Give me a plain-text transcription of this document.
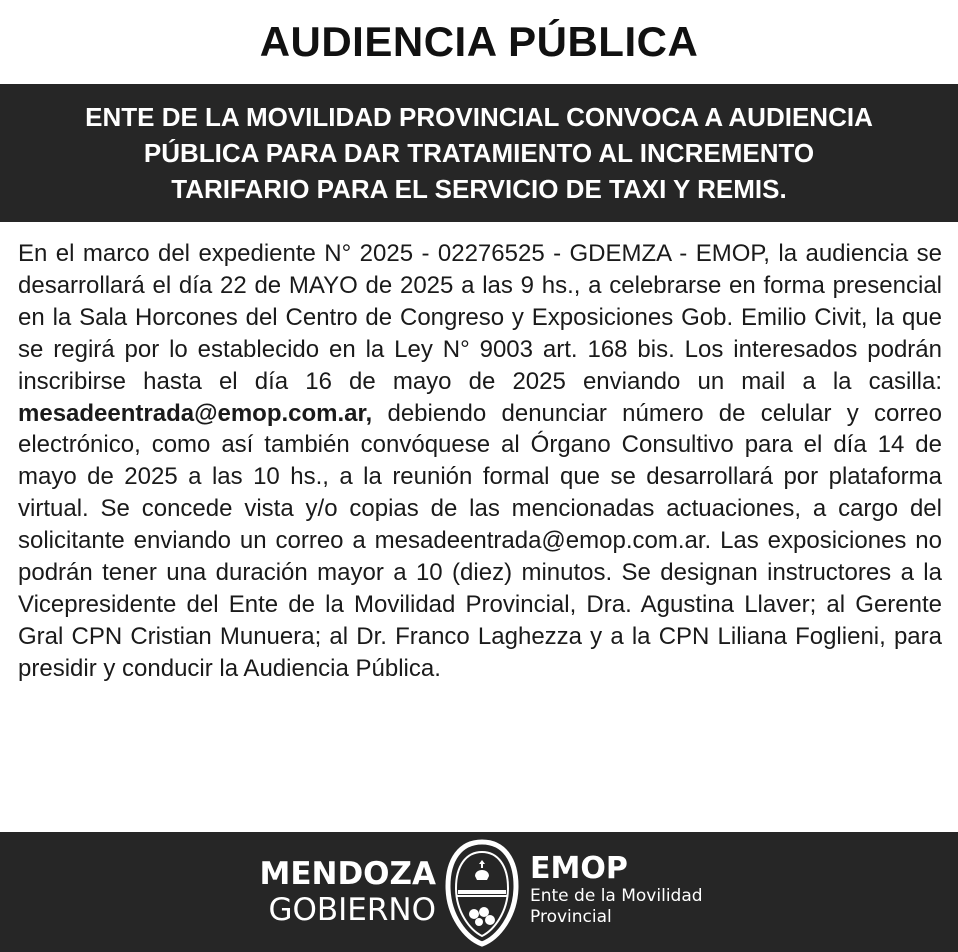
AUDIENCIA PÚBLICA
ENTE DE LA MOVILIDAD PROVINCIAL CONVOCA A AUDIENCIA
PÚBLICA PARA DAR TRATAMIENTO AL INCREMENTO
TARIFARIO PARA EL SERVICIO DE TAXI Y REMIS.
En el marco del expediente N° 2025 - 02276525 - GDEMZA - EMOP, la audiencia se desarrollará el día 22 de MAYO de 2025 a las 9 hs., a celebrarse en forma presencial en la Sala Horcones del Centro de Congreso y Exposiciones Gob. Emilio Civit, la que se regirá por lo establecido en la Ley N° 9003 art. 168 bis. Los interesados podrán inscribirse hasta el día 16 de mayo de 2025 enviando un mail a la casilla: mesadeentrada@emop.com.ar, debiendo denunciar número de celular y correo electrónico, como así también convóquese al Órgano Consultivo para el día 14 de mayo de 2025 a las 10 hs., a la reunión formal que se desarrollará por plataforma virtual. Se concede vista y/o copias de las mencionadas actuaciones, a cargo del solicitante enviando un correo a mesadeentrada@emop.com.ar. Las exposiciones no podrán tener una duración mayor a 10 (diez) minutos. Se designan instructores a la Vicepresidente del Ente de la Movilidad Provincial, Dra. Agustina Llaver; al Gerente Gral CPN Cristian Munuera; al Dr. Franco Laghezza y a la CPN Liliana Foglieni, para presidir y conducir la Audiencia Pública.
MENDOZA
GOBIERNO
EMOP
Ente de la Movilidad
Provincial
